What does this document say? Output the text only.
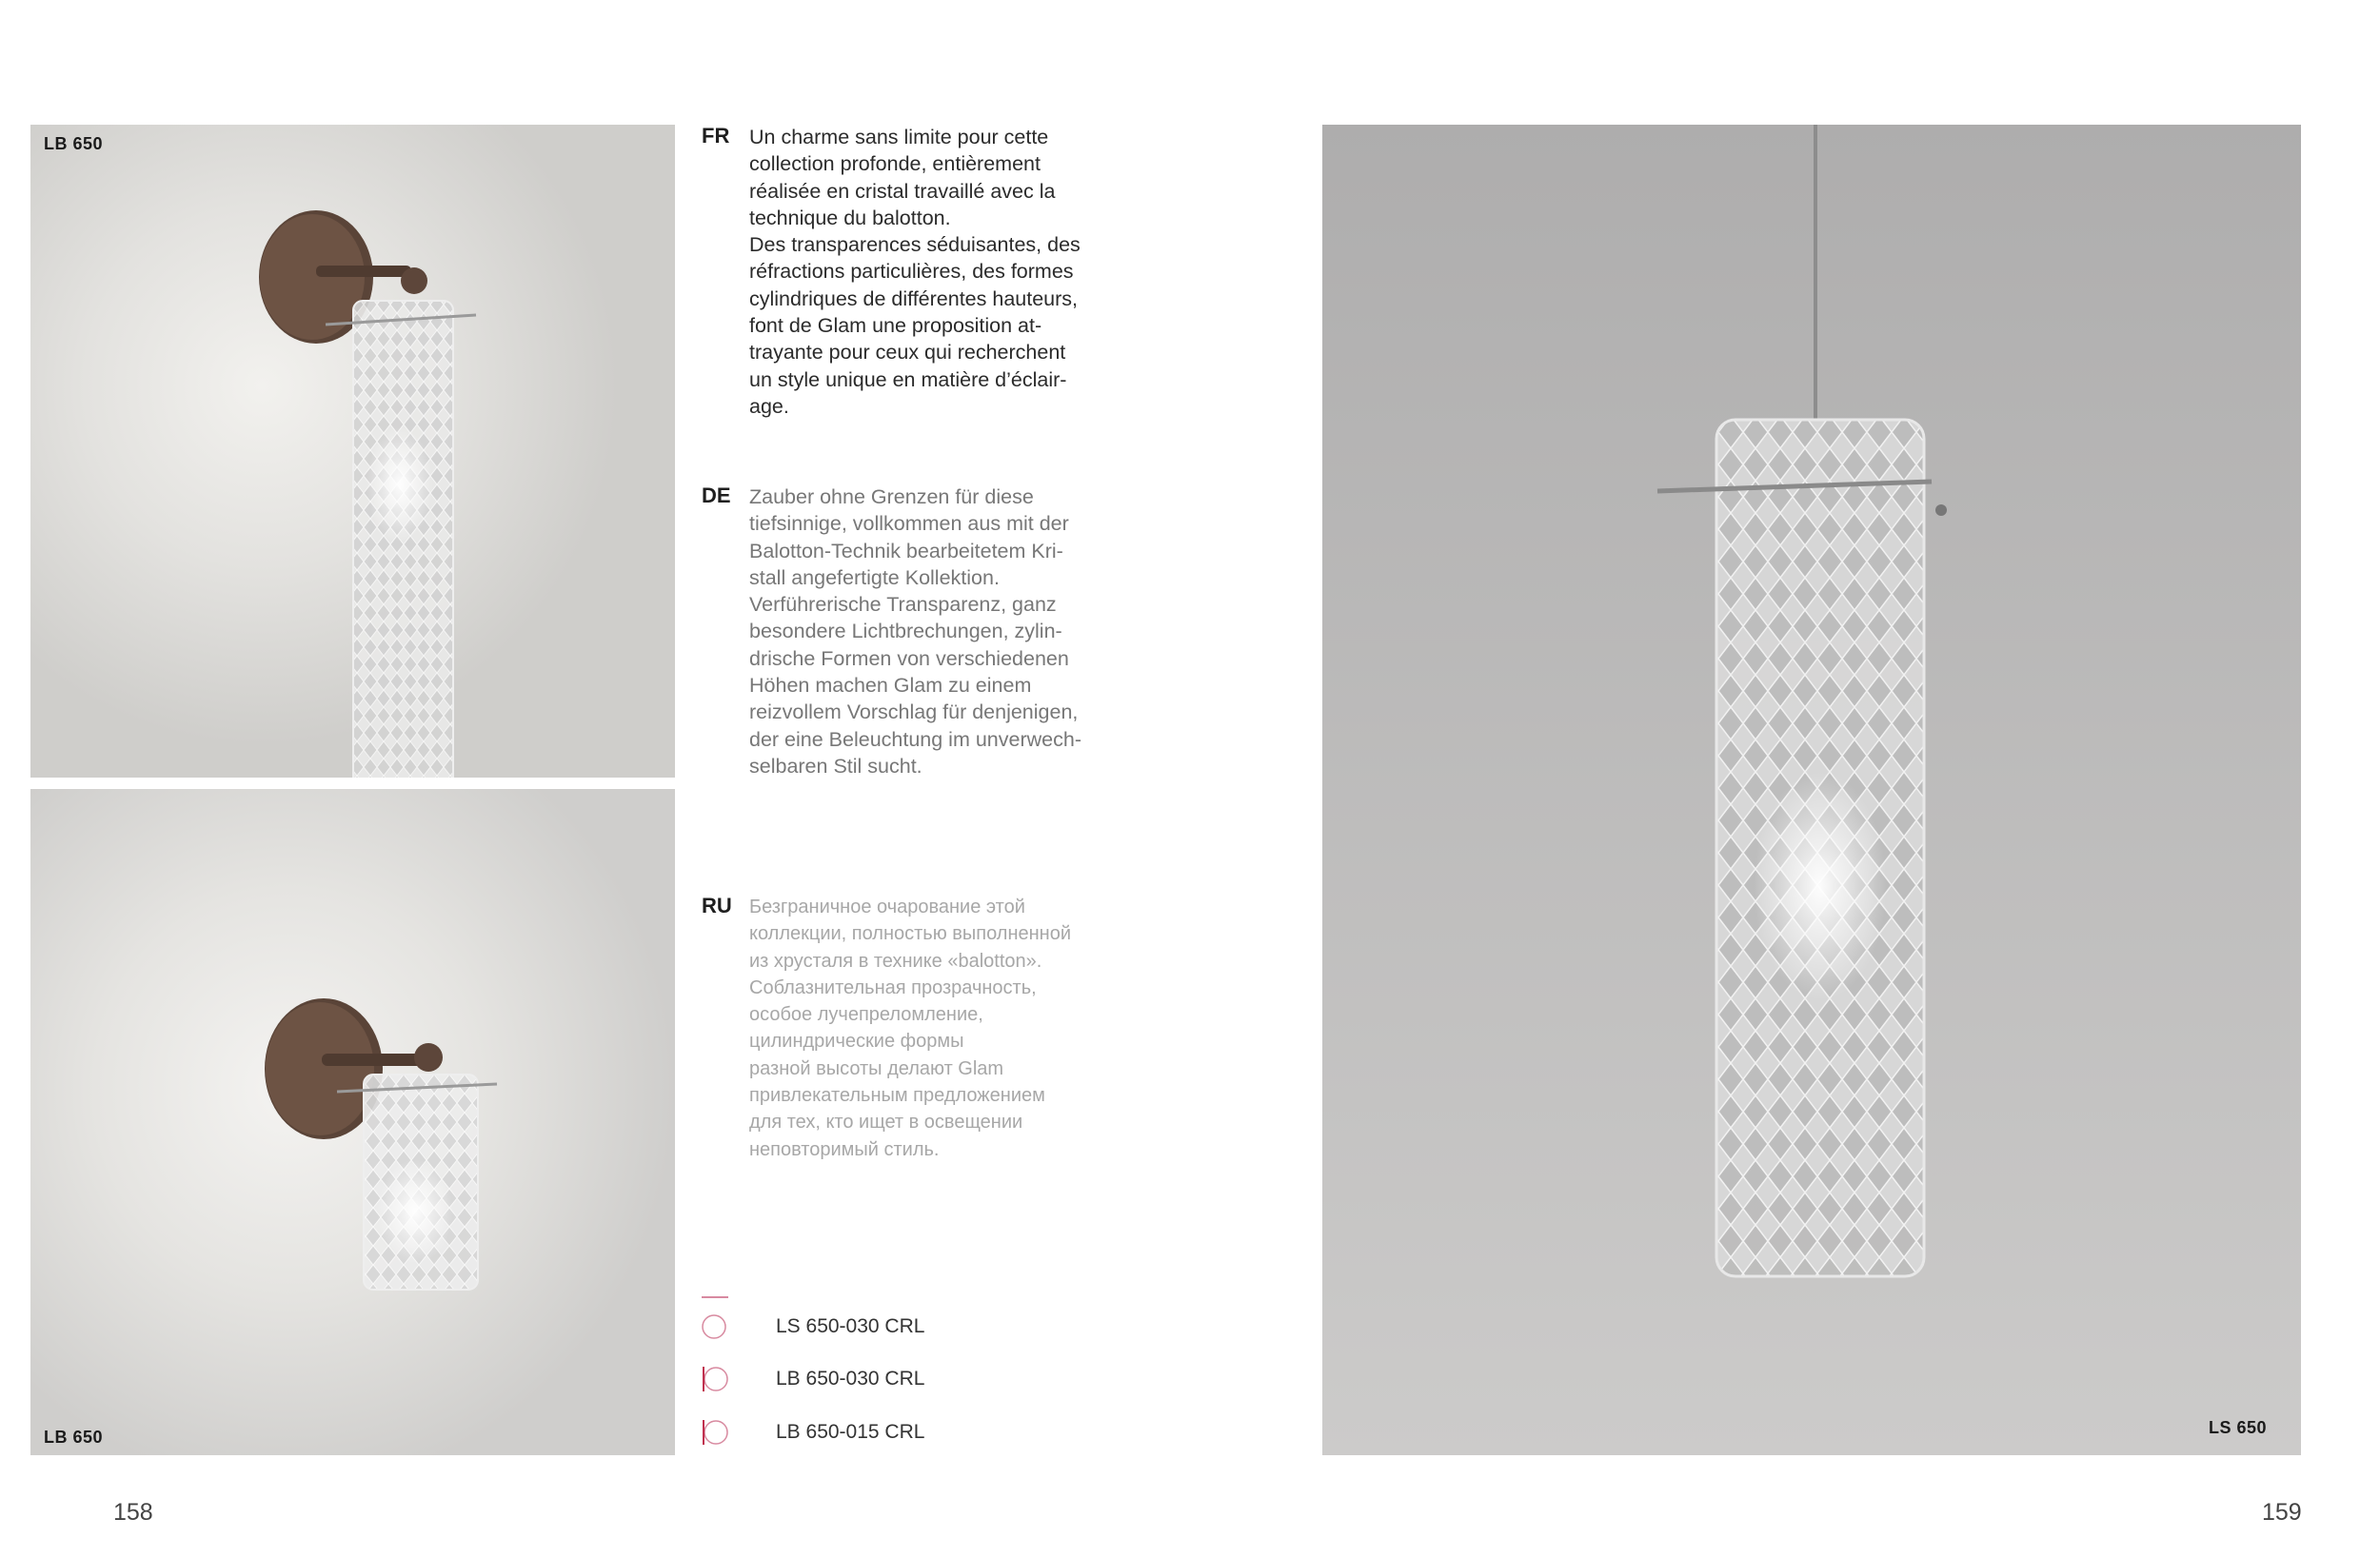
LB 650
LB 650	LS 650
FR Un charme sans limite pour cette
collection profonde, entièrement
réalisée en cristal travaillé avec la
technique du balotton.
Des transparences séduisantes, des
réfractions particulières, des formes
cylindriques de différentes hauteurs,
font de Glam une proposition at-
trayante pour ceux qui recherchent
un style unique en matière d’éclair-
age.
DE Zauber ohne Grenzen für diese
tiefsinnige, vollkommen aus mit der
Balotton-Technik bearbeitetem Kri-
stall angefertigte Kollektion.
Verführerische Transparenz, ganz
besondere Lichtbrechungen, zylin-
drische Formen von verschiedenen
Höhen machen Glam zu einem
reizvollem Vorschlag für denjenigen,
der eine Beleuchtung im unverwech-
selbaren Stil sucht.
RU Безграничное очарование этой
коллекции, полностью выполненной
из хрусталя в технике «balotton».
Соблазнительная прозрачность,
особое лучепреломление,
цилиндрические формы
разной высоты делают Glam
привлекательным предложением
для тех, кто ищет в освещении
неповторимый стиль.
LS 650-030 CRL
LB 650-030 CRL
LB 650-015 CRL
158	159
